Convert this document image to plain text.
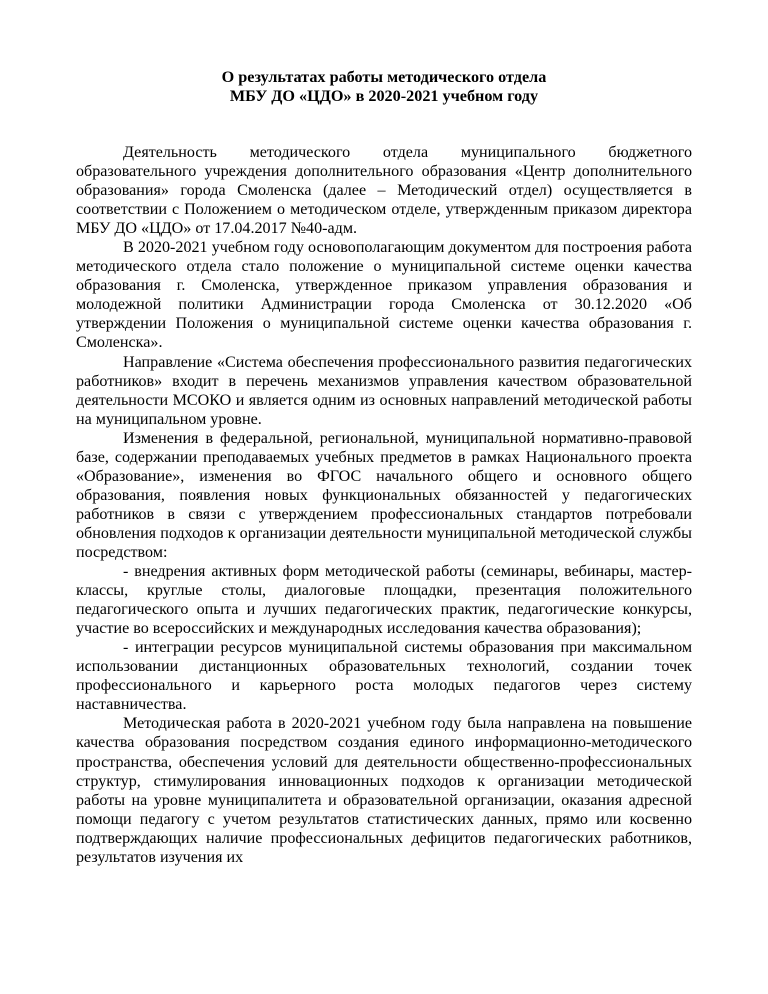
О результатах работы методического отдела
МБУ ДО «ЦДО» в 2020-2021 учебном году

Деятельность методического отдела муниципального бюджетного образовательного учреждения дополнительного образования «Центр дополнительного образования» города Смоленска (далее – Методический отдел) осуществляется в соответствии с Положением о методическом отделе, утвержденным приказом директора МБУ ДО «ЦДО» от 17.04.2017 №40-адм.

В 2020-2021 учебном году основополагающим документом для построения работа методического отдела стало положение о муниципальной системе оценки качества образования г. Смоленска, утвержденное приказом управления образования и молодежной политики Администрации города Смоленска от 30.12.2020 «Об утверждении Положения о муниципальной системе оценки качества образования г. Смоленска».

Направление «Система обеспечения профессионального развития педагогических работников» входит в перечень механизмов управления качеством образовательной деятельности МСОКО и является одним из основных направлений методической работы на муниципальном уровне.

Изменения в федеральной, региональной, муниципальной нормативно-правовой базе, содержании преподаваемых учебных предметов в рамках Национального проекта «Образование», изменения во ФГОС начального общего и основного общего образования, появления новых функциональных обязанностей у педагогических работников в связи с утверждением профессиональных стандартов потребовали обновления подходов к организации деятельности муниципальной методической службы посредством:

- внедрения активных форм методической работы (семинары, вебинары, мастер-классы, круглые столы, диалоговые площадки, презентация положительного педагогического опыта и лучших педагогических практик, педагогические конкурсы, участие во всероссийских и международных исследования качества образования);

- интеграции ресурсов муниципальной системы образования при максимальном использовании дистанционных образовательных технологий, создании точек профессионального и карьерного роста молодых педагогов через систему наставничества.

Методическая работа в 2020-2021 учебном году была направлена на повышение качества образования посредством создания единого информационно-методического пространства, обеспечения условий для деятельности общественно-профессиональных структур, стимулирования инновационных подходов к организации методической работы на уровне муниципалитета и образовательной организации, оказания адресной помощи педагогу с учетом результатов статистических данных, прямо или косвенно подтверждающих наличие профессиональных дефицитов педагогических работников, результатов изучения их
